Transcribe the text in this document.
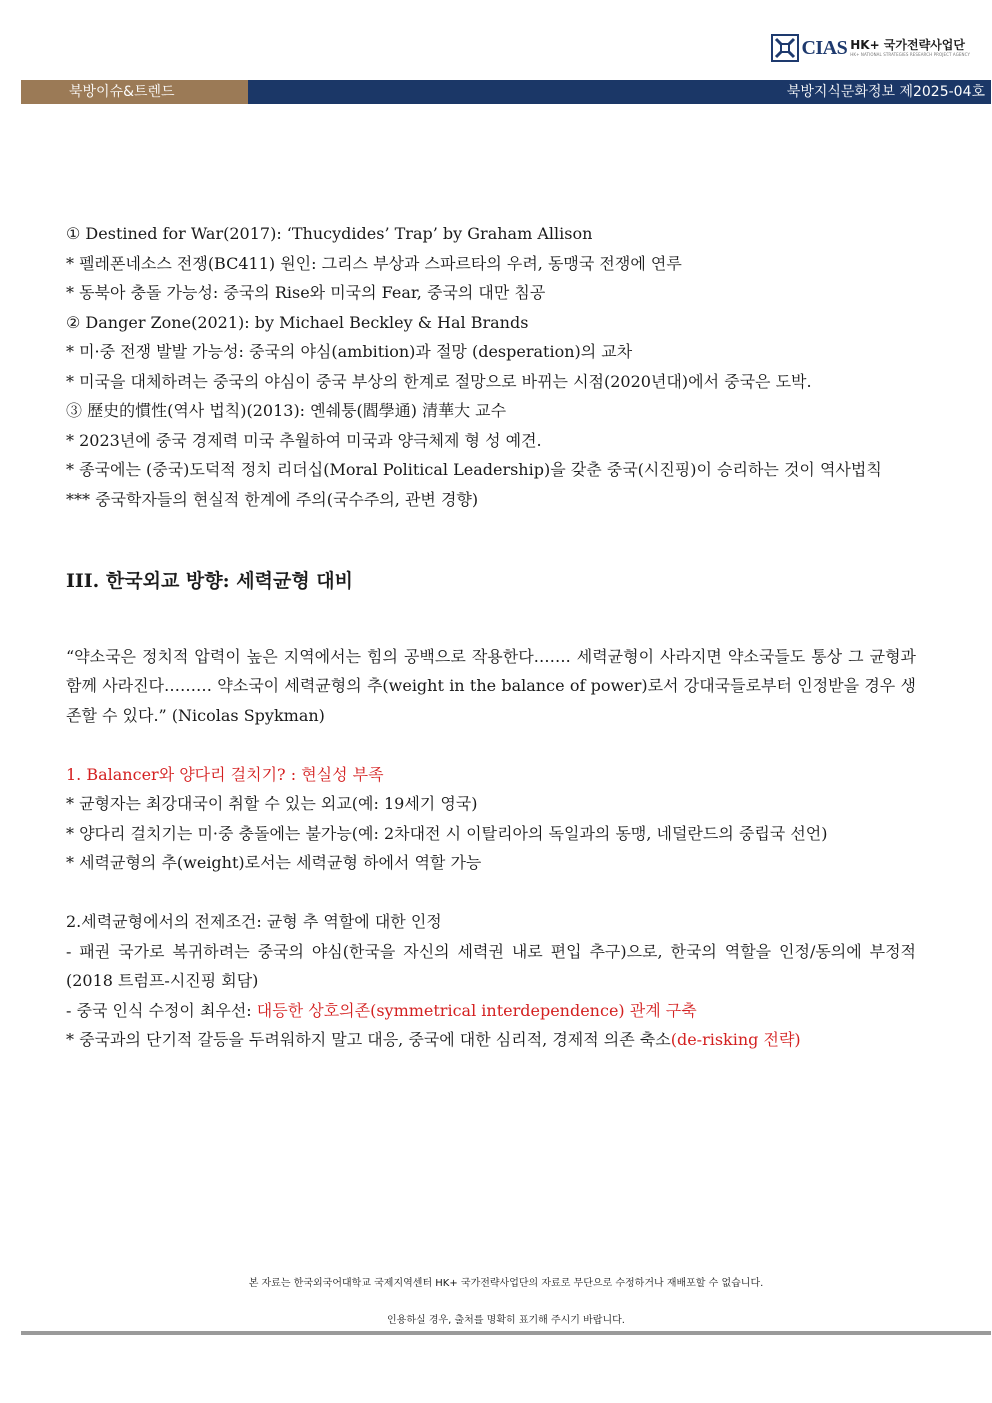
CIAS HK+ 국가전략사업단
HK+ NATIONAL STRATEGIES RESEARCH PROJECT AGENCY
북방이슈&트렌드	북방지식문화정보 제2025-04호

① Destined for War(2017): ‘Thucydides’ Trap’ by Graham Allison

* 펠레폰네소스 전쟁(BC411) 원인: 그리스 부상과 스파르타의 우려, 동맹국 전쟁에 연루

* 동북아 충돌 가능성: 중국의 Rise와 미국의 Fear, 중국의 대만 침공

② Danger Zone(2021): by Michael Beckley & Hal Brands

* 미·중 전쟁 발발 가능성: 중국의 야심(ambition)과 절망 (desperation)의 교차

* 미국을 대체하려는 중국의 야심이 중국 부상의 한계로 절망으로 바뀌는 시점(2020년대)에서 중국은 도박.

③ 歷史的慣性(역사 법칙)(2013): 옌쉐퉁(閻學通) 清華大 교수

* 2023년에 중국 경제력 미국 추월하여 미국과 양극체제 형 성 예견.

* 종국에는 (중국)도덕적 정치 리더십(Moral Political Leadership)을 갖춘 중국(시진핑)이 승리하는 것이 역사법칙

*** 중국학자들의 현실적 한계에 주의(국수주의, 관변 경향)

III. 한국외교 방향: 세력균형 대비

“약소국은 정치적 압력이 높은 지역에서는 힘의 공백으로 작용한다……. 세력균형이 사라지면 약소국들도 통상 그 균형과 함께 사라진다……… 약소국이 세력균형의 추(weight in the balance of power)로서 강대국들로부터 인정받을 경우 생존할 수 있다.” (Nicolas Spykman)

1. Balancer와 양다리 걸치기? : 현실성 부족

* 균형자는 최강대국이 취할 수 있는 외교(예: 19세기 영국)

* 양다리 걸치기는 미·중 충돌에는 불가능(예: 2차대전 시 이탈리아의 독일과의 동맹, 네덜란드의 중립국 선언)

* 세력균형의 추(weight)로서는 세력균형 하에서 역할 가능

2.세력균형에서의 전제조건: 균형 추 역할에 대한 인정

- 패권 국가로 복귀하려는 중국의 야심(한국을 자신의 세력권 내로 편입 추구)으로, 한국의 역할을 인정/동의에 부정적 (2018 트럼프-시진핑 회담)

- 중국 인식 수정이 최우선: 대등한 상호의존(symmetrical interdependence) 관계 구축

* 중국과의 단기적 갈등을 두려워하지 말고 대응, 중국에 대한 심리적, 경제적 의존 축소(de-risking 전략)

본 자료는 한국외국어대학교 국제지역센터 HK+ 국가전략사업단의 자료로 무단으로 수정하거나 재배포할 수 없습니다.

인용하실 경우, 출처를 명확히 표기해 주시기 바랍니다.
